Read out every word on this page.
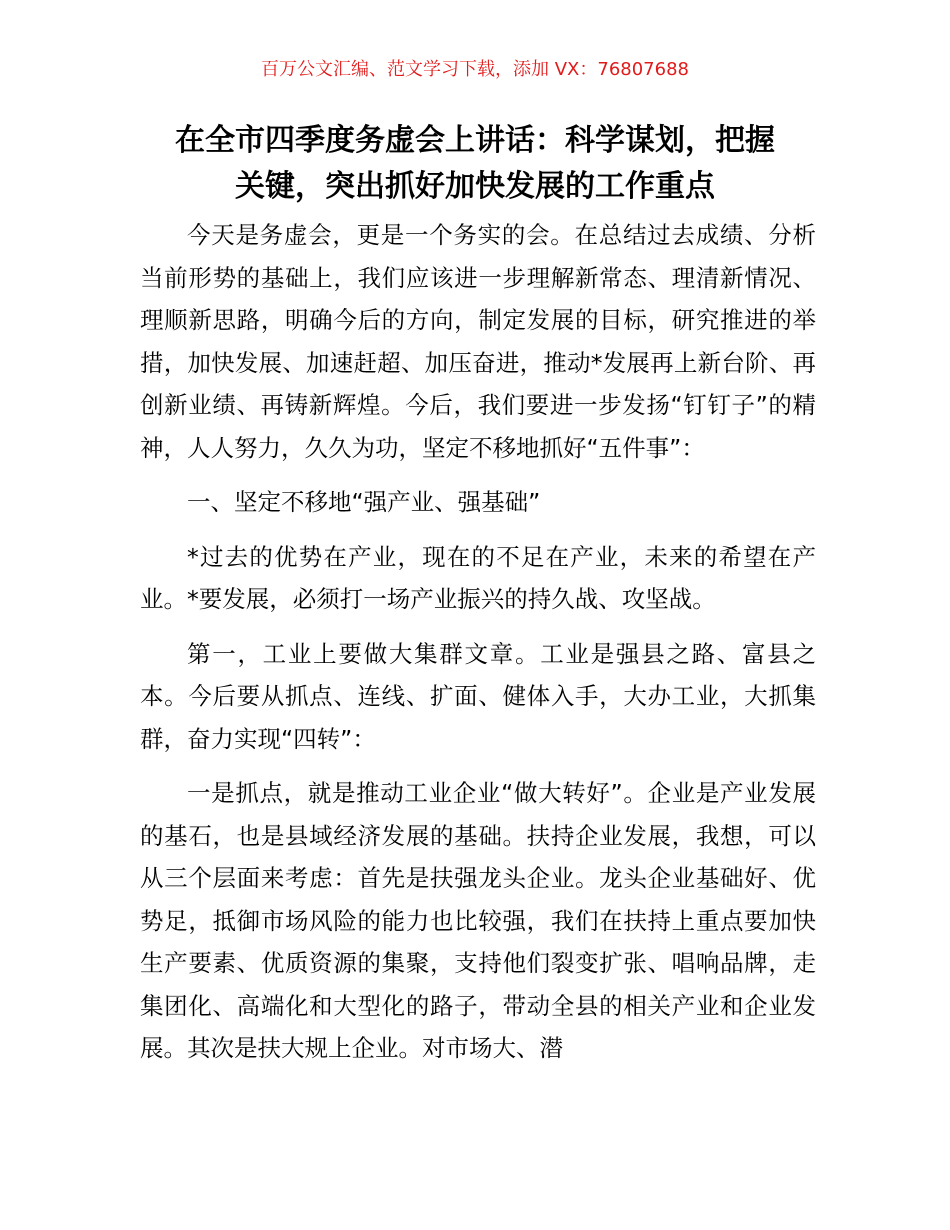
百万公文汇编、范文学习下载，添加 VX：76807688
在全市四季度务虚会上讲话：科学谋划，把握
关键，突出抓好加快发展的工作重点

今天是务虚会，更是一个务实的会。在总结过去成绩、分析当前形势的基础上，我们应该进一步理解新常态、理清新情况、理顺新思路，明确今后的方向，制定发展的目标，研究推进的举措，加快发展、加速赶超、加压奋进，推动*发展再上新台阶、再创新业绩、再铸新辉煌。今后，我们要进一步发扬“钉钉子”的精神，人人努力，久久为功，坚定不移地抓好“五件事”：

一、坚定不移地“强产业、强基础”

*过去的优势在产业，现在的不足在产业，未来的希望在产业。*要发展，必须打一场产业振兴的持久战、攻坚战。

第一，工业上要做大集群文章。工业是强县之路、富县之本。今后要从抓点、连线、扩面、健体入手，大办工业，大抓集群，奋力实现“四转”：

一是抓点，就是推动工业企业“做大转好”。企业是产业发展的基石，也是县域经济发展的基础。扶持企业发展，我想，可以从三个层面来考虑：首先是扶强龙头企业。龙头企业基础好、优势足，抵御市场风险的能力也比较强，我们在扶持上重点要加快生产要素、优质资源的集聚，支持他们裂变扩张、唱响品牌，走集团化、高端化和大型化的路子，带动全县的相关产业和企业发展。其次是扶大规上企业。对市场大、潜
